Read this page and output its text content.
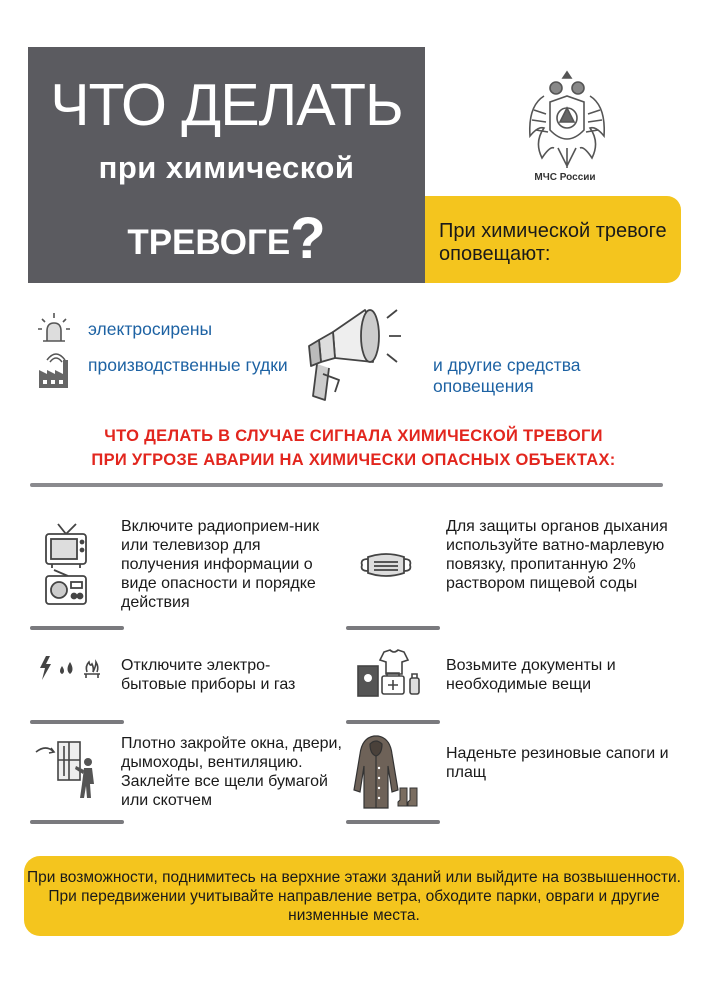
ЧТО ДЕЛАТЬ
при химической
ТРЕВОГЕ?
МЧС России
При химической тревоге оповещают:
электросирены
производственные гудки	и другие средства оповещения
ЧТО ДЕЛАТЬ В СЛУЧАЕ СИГНАЛА ХИМИЧЕСКОЙ ТРЕВОГИ
ПРИ УГРОЗЕ АВАРИИ НА ХИМИЧЕСКИ ОПАСНЫХ ОБЪЕКТАХ:
Включите радиоприем-ник или телевизор для получения информации о виде опасности и порядке действия
Для защиты органов дыхания используйте ватно-марлевую повязку, пропитанную 2% раствором пищевой соды
Отключите электро-бытовые приборы и газ
Возьмите документы и необходимые вещи
Плотно закройте окна, двери, дымоходы, вентиляцию. Заклейте все щели бумагой или скотчем
Наденьте резиновые сапоги и плащ
При возможности, поднимитесь на верхние этажи зданий или выйдите на возвышенности. При передвижении учитывайте направление ветра, обходите парки, овраги и другие низменные места.
